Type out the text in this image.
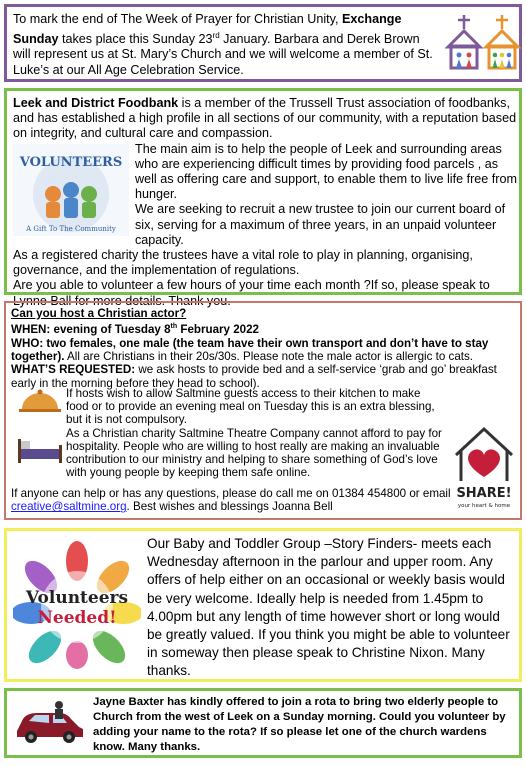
To mark the end of The Week of Prayer for Christian Unity, Exchange Sunday takes place this Sunday 23rd January. Barbara and Derek Brown will represent us at St. Mary’s Church and we will welcome a member of St. Luke’s at our All Age Celebration Service.

Leek and District Foodbank is a member of the Trussell Trust association of foodbanks, and has established a high profile in all sections of our community, with a reputation based on integrity, and cultural care and compassion.

VOLUNTEERS
A Gift To The Community

The main aim is to help the people of Leek and surrounding areas who are experiencing difficult times by providing food parcels , as well as offering care and support, to enable them to live life free from hunger.

We are seeking to recruit a new trustee to join our current board of six, serving for a maximum of three years, in an unpaid volunteer capacity.

As a registered charity the trustees have a vital role to play in planning, organising, governance, and the implementation of regulations.

Are you able to volunteer a few hours of your time each month ?If so, please speak to Lynne Ball for more details. Thank you.

Can you host a Christian actor?

WHEN: evening of Tuesday 8th February 2022

WHO: two females, one male (the team have their own transport and don’t have to stay together). All are Christians in their 20s/30s. Please note the male actor is allergic to cats.

WHAT’S REQUESTED: we ask hosts to provide bed and a self-service ‘grab and go’ breakfast early in the morning before they head to school).

If hosts wish to allow Saltmine guests access to their kitchen to make food or to provide an evening meal on Tuesday this is an extra blessing, but it is not compulsory.

As a Christian charity Saltmine Theatre Company cannot afford to pay for hospitality. People who are willing to host really are making an invaluable contribution to our ministry and helping to share something of God’s love with young people by keeping them safe online.

If anyone can help or has any questions, please do call me on 01384 454800 or email creative@saltmine.org. Best wishes and blessings Joanna Bell

SHARE!
your heart & home
Volunteers
Needed!

Our Baby and Toddler Group –Story Finders- meets each Wednesday afternoon in the parlour and upper room. Any offers of help either on an occasional or weekly basis would be very welcome. Ideally help is needed from 1.45pm to 4.00pm but any length of time however short or long would be greatly valued. If you think you might be able to volunteer in someway then please speak to Christine Nixon. Many thanks.

Jayne Baxter has kindly offered to join a rota to bring two elderly people to Church from the west of Leek on a Sunday morning. Could you volunteer by adding your name to the rota? If so please let one of the church wardens know. Many thanks.
